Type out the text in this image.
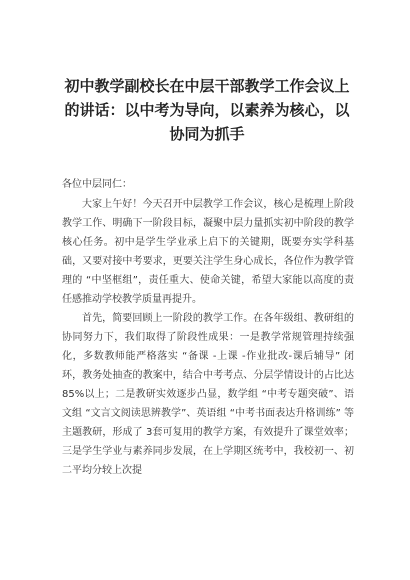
初中教学副校长在中层干部教学工作会议上的讲话：以中考为导向，以素养为核心，以协同为抓手

各位中层同仁：

大家上午好！今天召开中层教学工作会议，核心是梳理上阶段教学工作、明确下一阶段目标，凝聚中层力量抓实初中阶段的教学核心任务。初中是学生学业承上启下的关键期，既要夯实学科基础，又要对接中考要求，更要关注学生身心成长，各位作为教学管理的 “中坚框组”，责任重大、使命关键，希望大家能以高度的责任感推动学校教学质量再提升。

首先，简要回顾上一阶段的教学工作。在各年级组、教研组的协同努力下，我们取得了阶段性成果：一是教学常规管理持续强化，多数教师能严格落实 “备课 -上课 -作业批改-课后辅导” 闭环，教务处抽查的教案中，结合中考考点、分层学情设计的占比达 85%以上；二是教研实效逐步凸显，数学组 “中考专题突破”、语文组 “文言文阅读思辨教学”、英语组 “中考书面表达升格训练” 等主题教研，形成了 3套可复用的教学方案，有效提升了课堂效率；三是学生学业与素养同步发展，在上学期区统考中，我校初一、初二平均分较上次提
